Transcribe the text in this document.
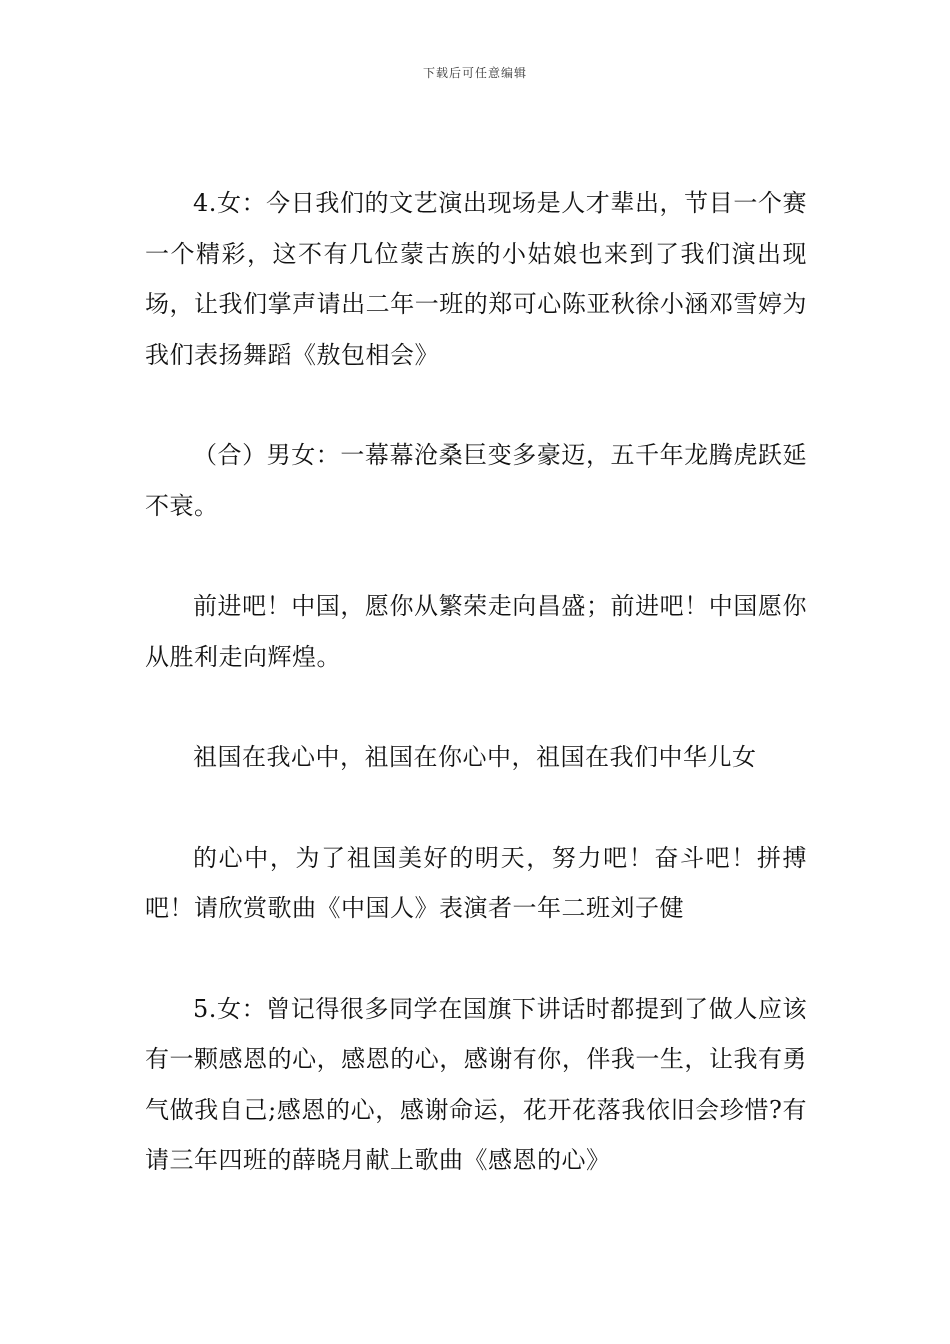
下载后可任意编辑

4.女：今日我们的文艺演出现场是人才辈出，节目一个赛一个精彩，这不有几位蒙古族的小姑娘也来到了我们演出现场，让我们掌声请出二年一班的郑可心陈亚秋徐小涵邓雪婷为我们表扬舞蹈《敖包相会》

（合）男女：一幕幕沧桑巨变多豪迈，五千年龙腾虎跃延不衰。

前进吧！中国，愿你从繁荣走向昌盛；前进吧！中国愿你从胜利走向辉煌。

祖国在我心中，祖国在你心中，祖国在我们中华儿女

的心中，为了祖国美好的明天，努力吧！奋斗吧！拼搏吧！请欣赏歌曲《中国人》表演者一年二班刘子健

5.女：曾记得很多同学在国旗下讲话时都提到了做人应该有一颗感恩的心，感恩的心，感谢有你，伴我一生，让我有勇气做我自己;感恩的心，感谢命运，花开花落我依旧会珍惜?有请三年四班的薛晓月献上歌曲《感恩的心》
